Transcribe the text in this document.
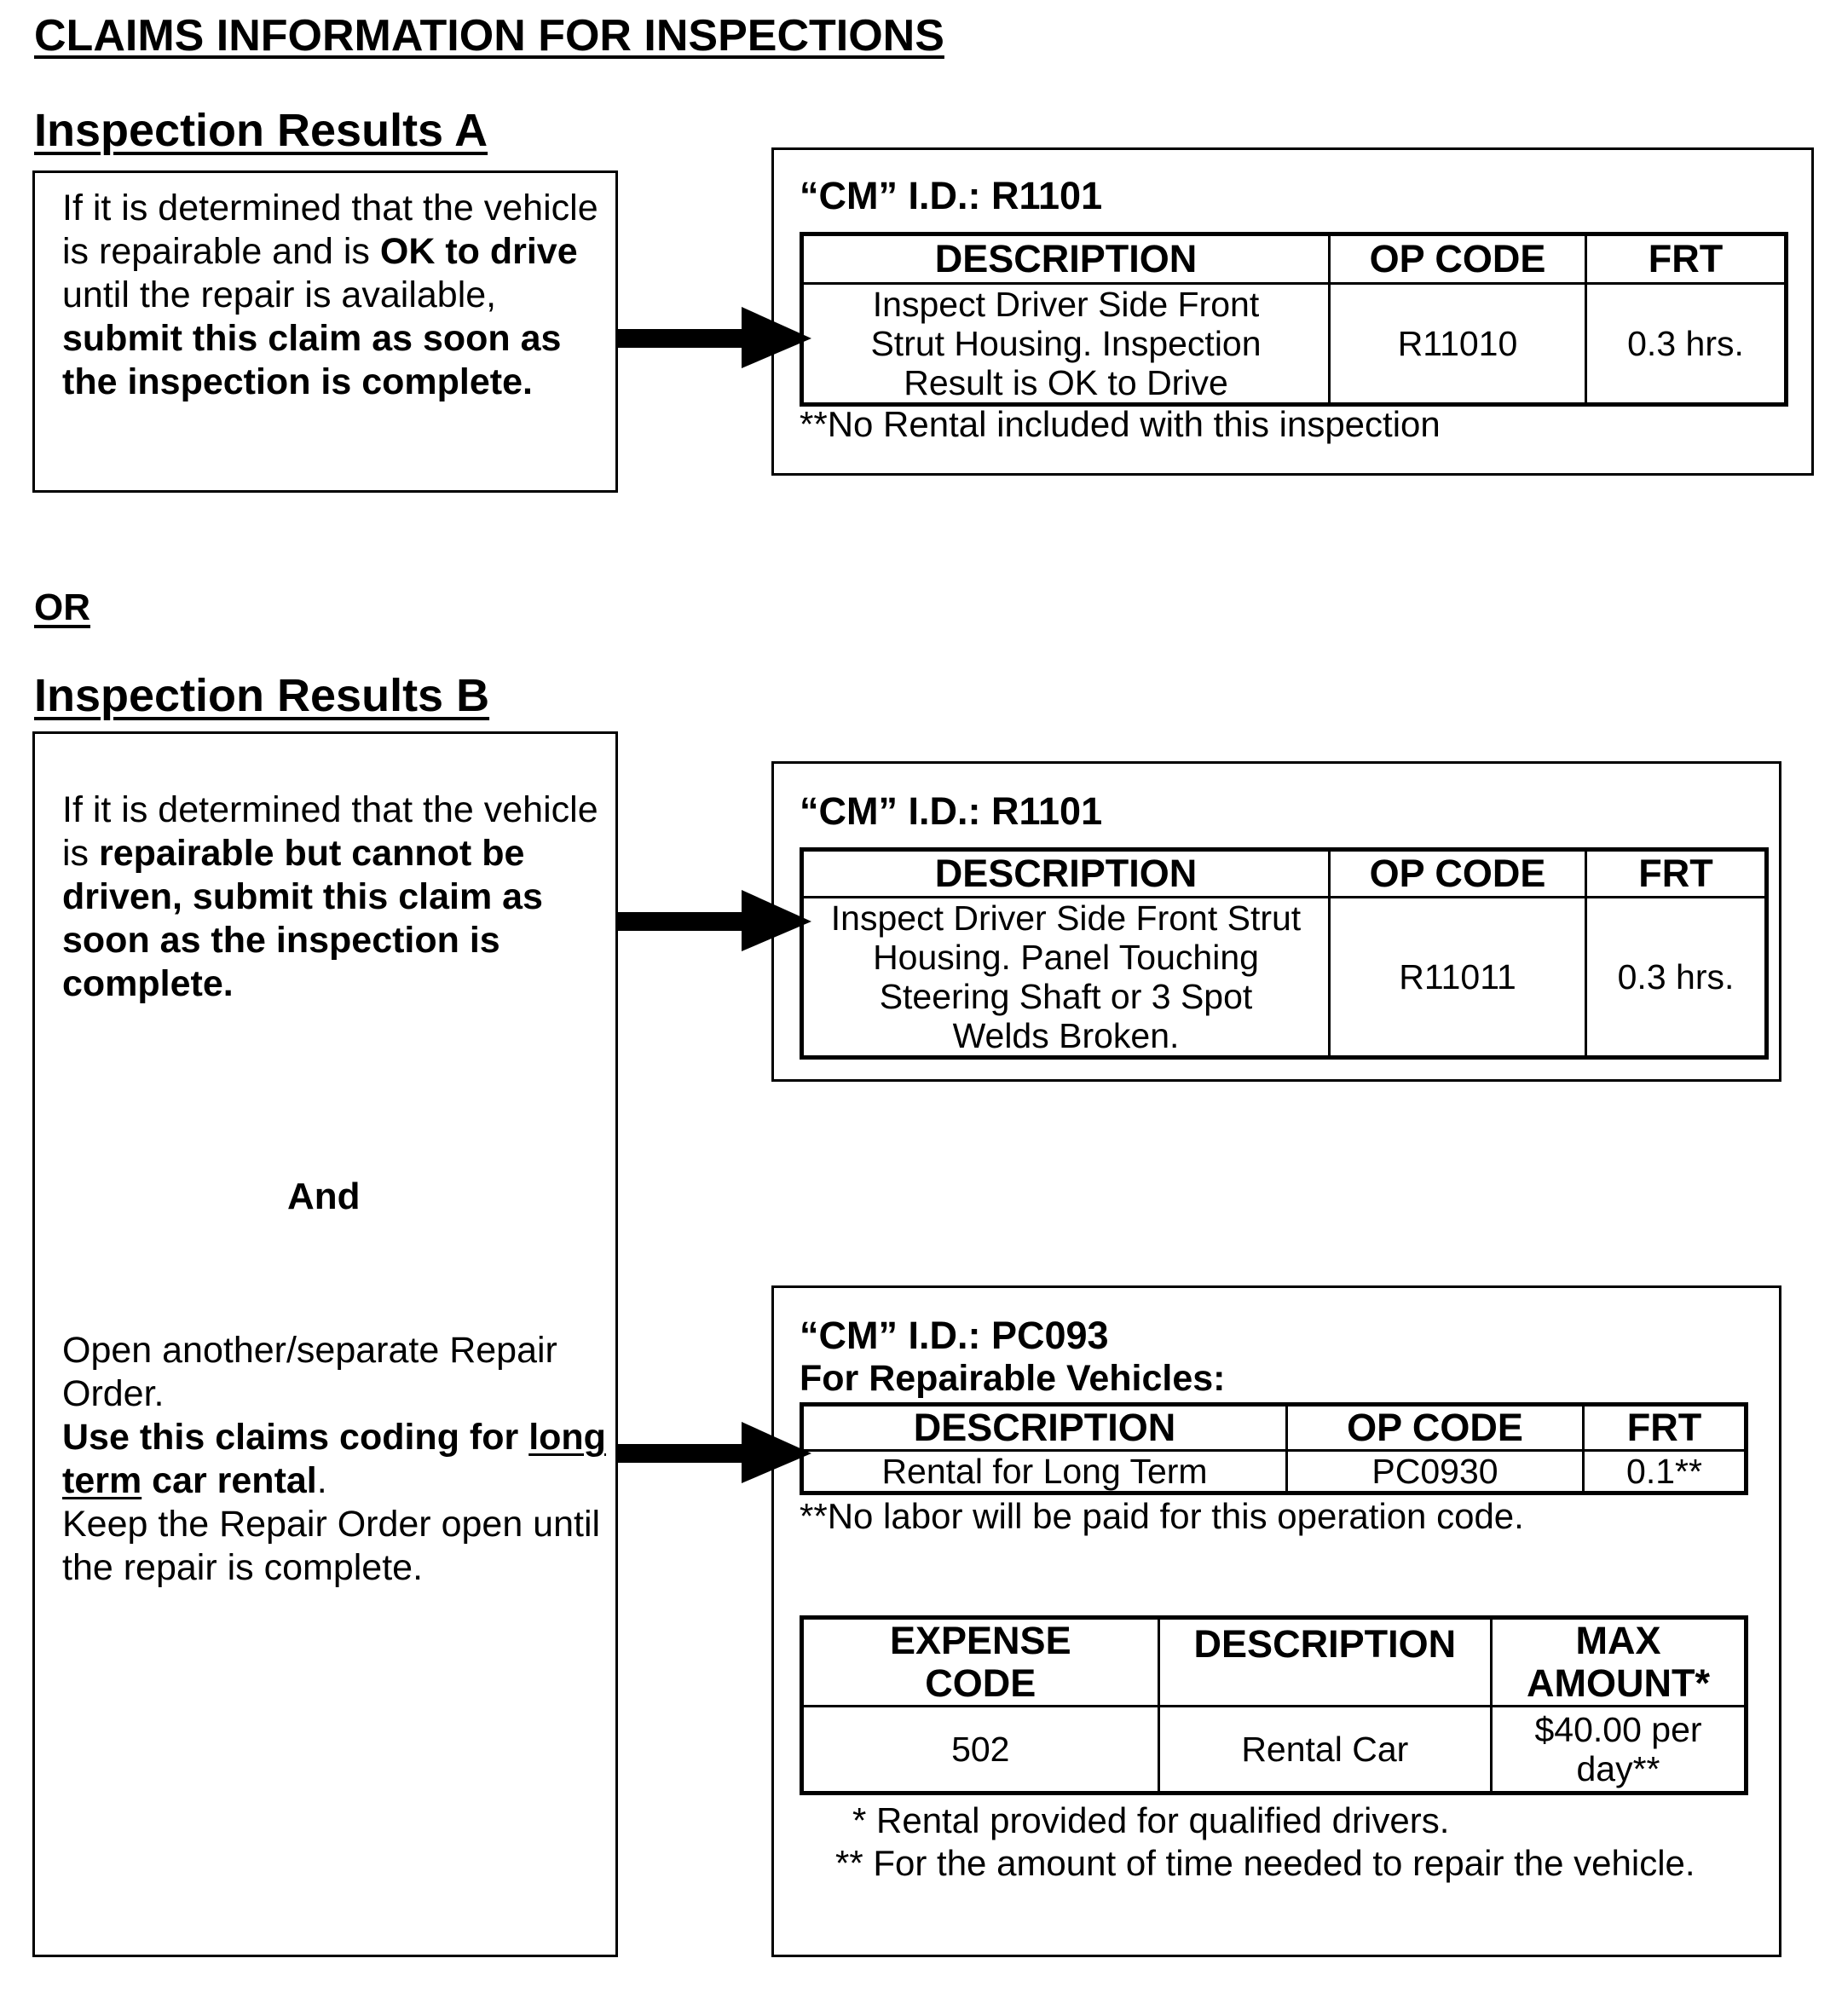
CLAIMS INFORMATION FOR INSPECTIONS
Inspection Results A
If it is determined that the vehicle is repairable and is OK to drive until the repair is available, submit this claim as soon as the inspection is complete.
“CM” I.D.: R1101
DESCRIPTION	OP CODE	FRT
Inspect Driver Side Front Strut Housing. Inspection Result is OK to Drive	R11010	0.3 hrs.
**No Rental included with this inspection
OR
Inspection Results B
If it is determined that the vehicle is repairable but cannot be driven, submit this claim as soon as the inspection is complete.
And
Open another/separate Repair Order.
Use this claims coding for long term car rental.
Keep the Repair Order open until the repair is complete.
“CM” I.D.: R1101
DESCRIPTION	OP CODE	FRT
Inspect Driver Side Front Strut Housing. Panel Touching Steering Shaft or 3 Spot Welds Broken.	R11011	0.3 hrs.
“CM” I.D.: PC093
For Repairable Vehicles:
DESCRIPTION	OP CODE	FRT
Rental for Long Term	PC0930	0.1**
**No labor will be paid for this operation code.
EXPENSE CODE	DESCRIPTION	MAX AMOUNT*
502	Rental Car	$40.00 per day**
* Rental provided for qualified drivers.
** For the amount of time needed to repair the vehicle.
